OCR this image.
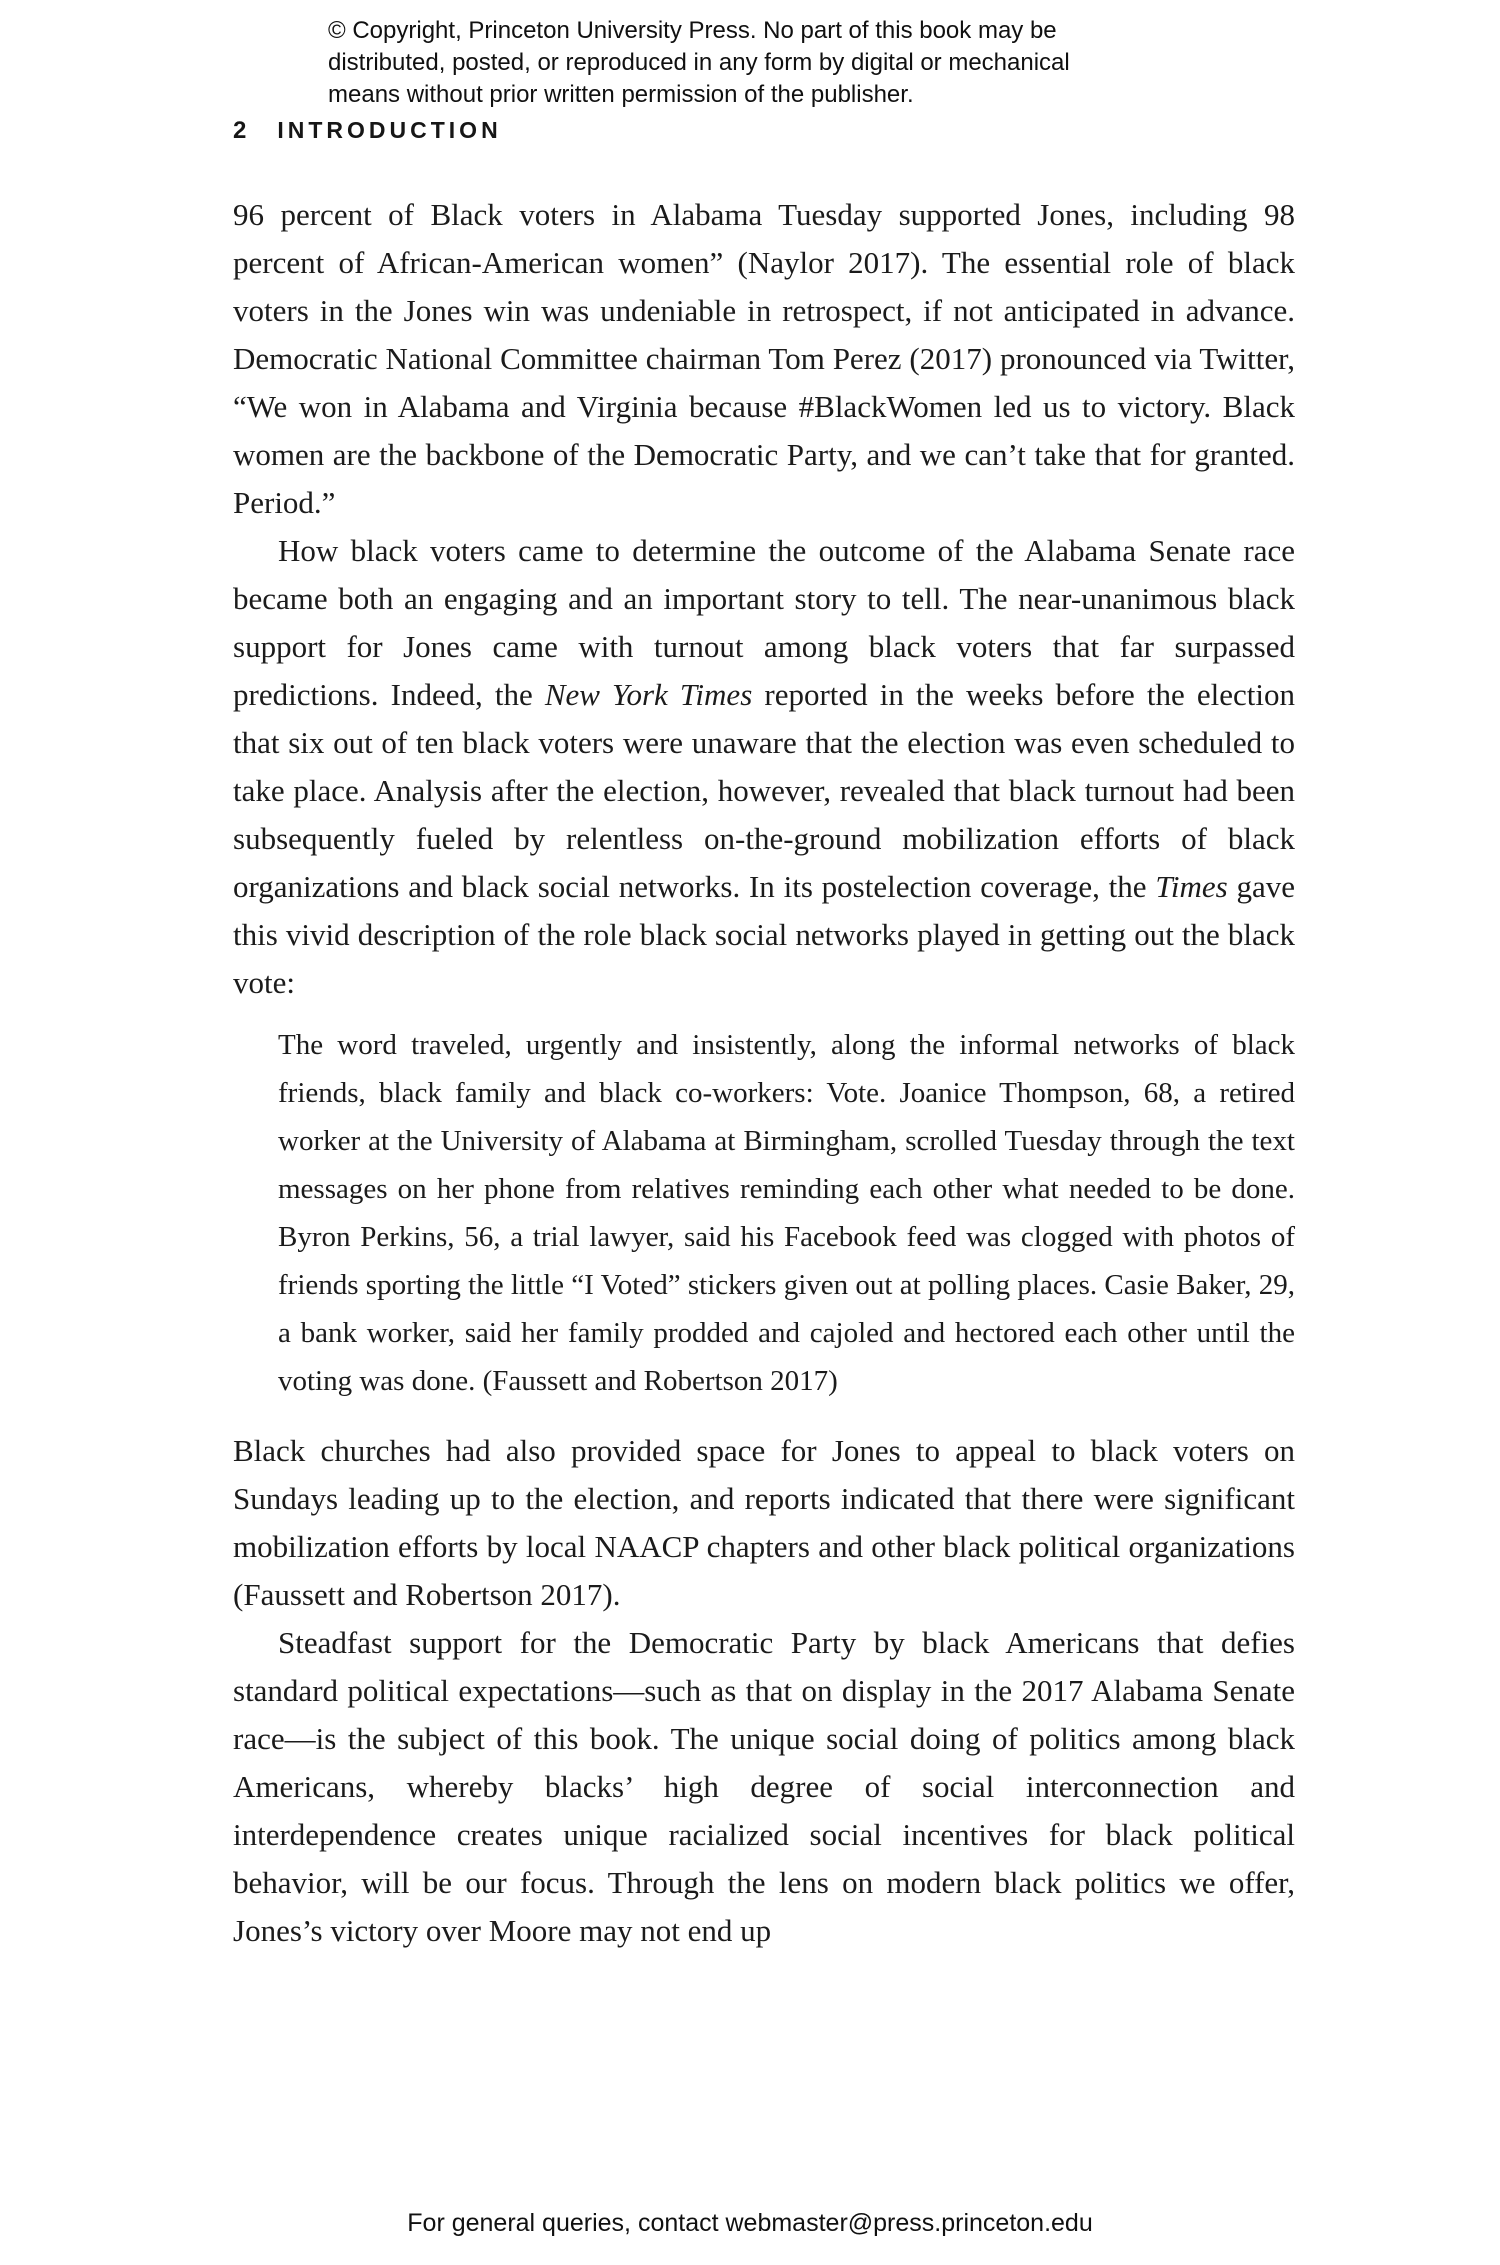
© Copyright, Princeton University Press. No part of this book may be
distributed, posted, or reproduced in any form by digital or mechanical
means without prior written permission of the publisher.
2 INTRODUCTION

96 percent of Black voters in Alabama Tuesday supported Jones, including 98 percent of African-American women” (Naylor 2017). The essential role of black voters in the Jones win was undeniable in retrospect, if not anticipated in advance. Democratic National Committee chairman Tom Perez (2017) pronounced via Twitter, “We won in Alabama and Virginia because #BlackWomen led us to victory. Black women are the backbone of the Democratic Party, and we can’t take that for granted. Period.”

How black voters came to determine the outcome of the Alabama Senate race became both an engaging and an important story to tell. The near-unanimous black support for Jones came with turnout among black voters that far surpassed predictions. Indeed, the New York Times reported in the weeks before the election that six out of ten black voters were unaware that the election was even scheduled to take place. Analysis after the election, however, revealed that black turnout had been subsequently fueled by relentless on-the-ground mobilization efforts of black organizations and black social networks. In its postelection coverage, the Times gave this vivid description of the role black social networks played in getting out the black vote:

The word traveled, urgently and insistently, along the informal networks of black friends, black family and black co-workers: Vote. Joanice Thompson, 68, a retired worker at the University of Alabama at Birmingham, scrolled Tuesday through the text messages on her phone from relatives reminding each other what needed to be done. Byron Perkins, 56, a trial lawyer, said his Facebook feed was clogged with photos of friends sporting the little “I Voted” stickers given out at polling places. Casie Baker, 29, a bank worker, said her family prodded and cajoled and hectored each other until the voting was done. (Faussett and Robertson 2017)

Black churches had also provided space for Jones to appeal to black voters on Sundays leading up to the election, and reports indicated that there were significant mobilization efforts by local NAACP chapters and other black political organizations (Faussett and Robertson 2017).

Steadfast support for the Democratic Party by black Americans that defies standard political expectations—such as that on display in the 2017 Alabama Senate race—is the subject of this book. The unique social doing of politics among black Americans, whereby blacks’ high degree of social interconnection and interdependence creates unique racialized social incentives for black political behavior, will be our focus. Through the lens on modern black politics we offer, Jones’s victory over Moore may not end up

For general queries, contact webmaster@press.princeton.edu
